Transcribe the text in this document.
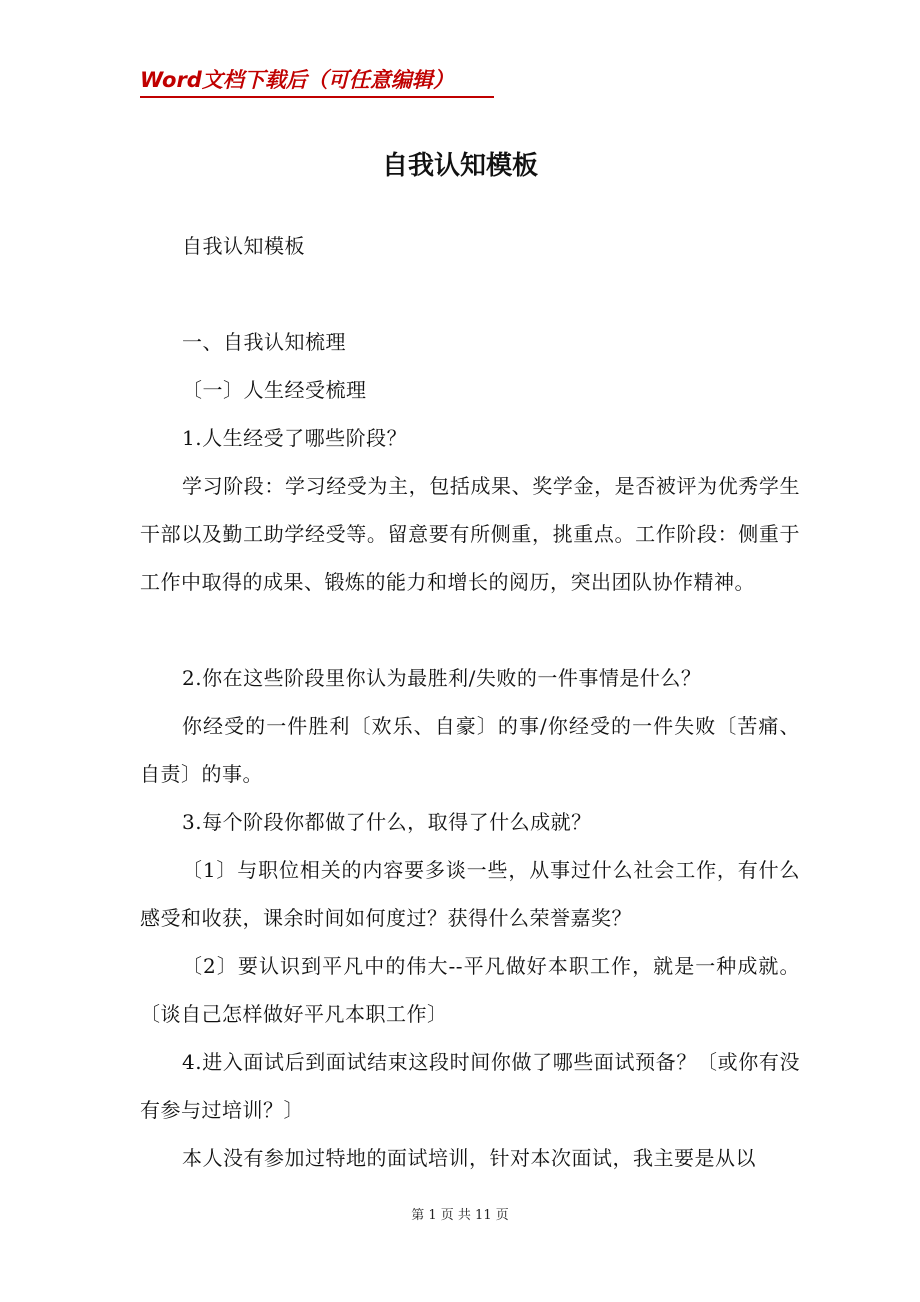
Word文档下载后（可任意编辑）
自我认知模板
自我认知模板
一、自我认知梳理
〔一〕人生经受梳理
1.人生经受了哪些阶段？
学习阶段：学习经受为主，包括成果、奖学金，是否被评为优秀学生干部以及勤工助学经受等。留意要有所侧重，挑重点。工作阶段：侧重于工作中取得的成果、锻炼的能力和增长的阅历，突出团队协作精神。
2.你在这些阶段里你认为最胜利/失败的一件事情是什么？
你经受的一件胜利〔欢乐、自豪〕的事/你经受的一件失败〔苦痛、自责〕的事。
3.每个阶段你都做了什么，取得了什么成就？
〔1〕与职位相关的内容要多谈一些，从事过什么社会工作，有什么感受和收获，课余时间如何度过？获得什么荣誉嘉奖？
〔2〕要认识到平凡中的伟大--平凡做好本职工作，就是一种成就。〔谈自己怎样做好平凡本职工作〕
4.进入面试后到面试结束这段时间你做了哪些面试预备？〔或你有没有参与过培训？〕
本人没有参加过特地的面试培训，针对本次面试，我主要是从以
第 1 页 共 11 页
